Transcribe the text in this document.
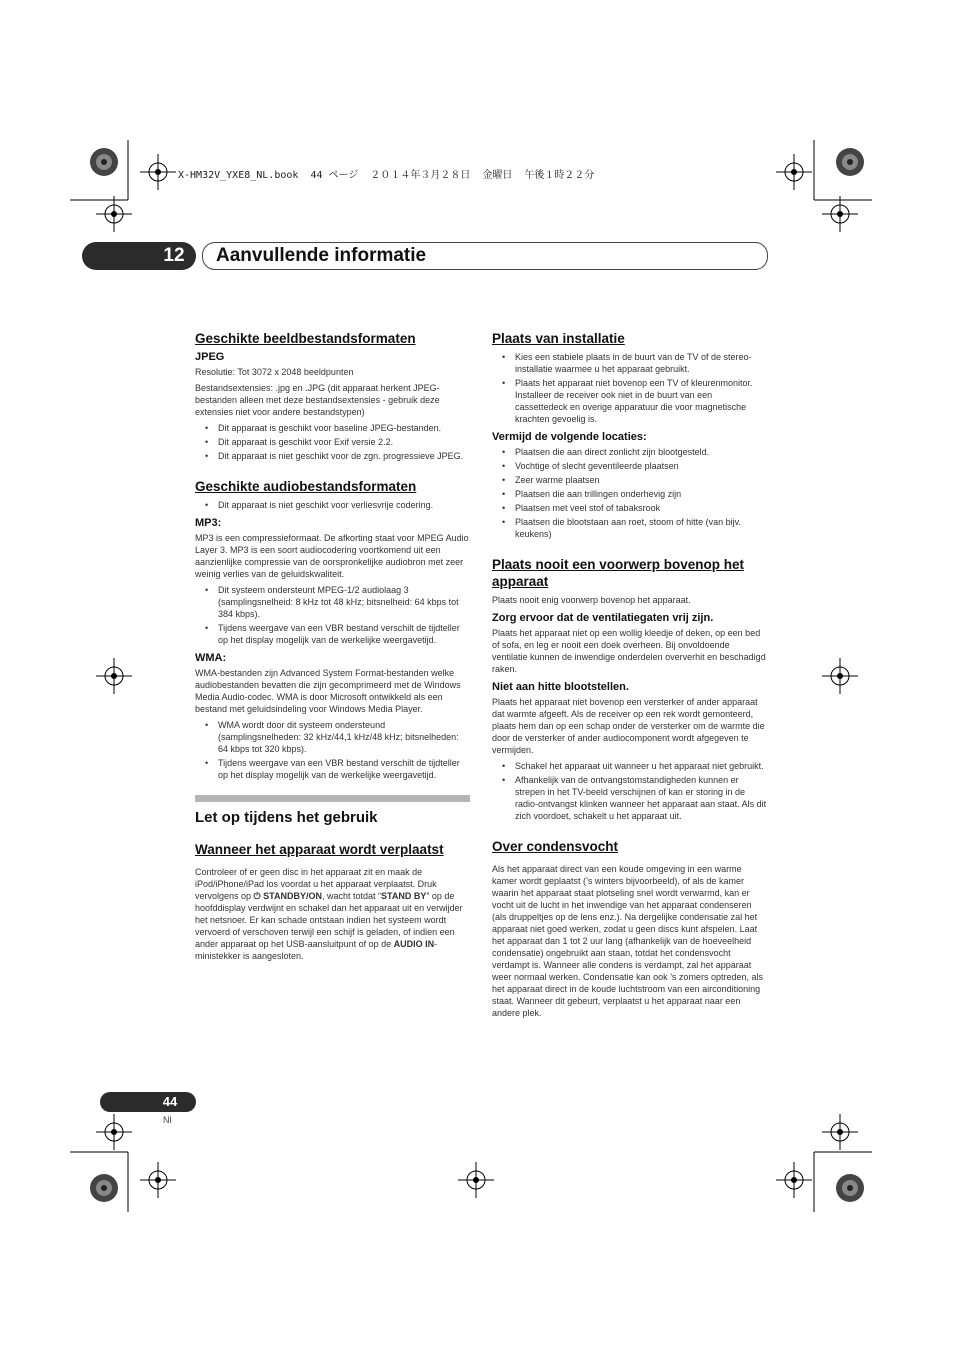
X-HM32V_YXE8_NL.book  44 ページ  ２０１４年３月２８日  金曜日  午後１時２２分
12	Aanvullende informatie
Geschikte beeldbestandsformaten
JPEG

Resolutie: Tot 3072 x 2048 beeldpunten

Bestandsextensies: .jpg en .JPG (dit apparaat herkent JPEG-bestanden alleen met deze bestandsextensies - gebruik deze extensies niet voor andere bestandstypen)

• Dit apparaat is geschikt voor baseline JPEG-bestanden.
• Dit apparaat is geschikt voor Exif versie 2.2.
• Dit apparaat is niet geschikt voor de zgn. progressieve JPEG.
Geschikte audiobestandsformaten
• Dit apparaat is niet geschikt voor verliesvrije codering.
MP3:

MP3 is een compressieformaat. De afkorting staat voor MPEG Audio Layer 3. MP3 is een soort audiocodering voortkomend uit een aanzienlijke compressie van de oorspronkelijke audiobron met zeer weinig verlies van de geluidskwaliteit.

• Dit systeem ondersteunt MPEG-1/2 audiolaag 3 (samplingsnelheid: 8 kHz tot 48 kHz; bitsnelheid: 64 kbps tot 384 kbps).
• Tijdens weergave van een VBR bestand verschilt de tijdteller op het display mogelijk van de werkelijke weergavetijd.
WMA:

WMA-bestanden zijn Advanced System Format-bestanden welke audiobestanden bevatten die zijn gecomprimeerd met de Windows Media Audio-codec. WMA is door Microsoft ontwikkeld als een bestand met geluidsindeling voor Windows Media Player.

• WMA wordt door dit systeem ondersteund (samplingsnelheden: 32 kHz/44,1 kHz/48 kHz; bitsnelheden: 64 kbps tot 320 kbps).
• Tijdens weergave van een VBR bestand verschilt de tijdteller op het display mogelijk van de werkelijke weergavetijd.
Let op tijdens het gebruik
Wanneer het apparaat wordt verplaatst

Controleer of er geen disc in het apparaat zit en maak de iPod/iPhone/iPad los voordat u het apparaat verplaatst. Druk vervolgens op ⏻ STANDBY/ON, wacht totdat “STAND BY” op de hoofddisplay verdwijnt en schakel dan het apparaat uit en verwijder het netsnoer. Er kan schade ontstaan indien het systeem wordt vervoerd of verschoven terwijl een schijf is geladen, of indien een ander apparaat op het USB-aansluitpunt of op de AUDIO IN-ministekker is aangesloten.

Plaats van installatie
• Kies een stabiele plaats in de buurt van de TV of de stereo-installatie waarmee u het apparaat gebruikt.
• Plaats het apparaat niet bovenop een TV of kleurenmonitor. Installeer de receiver ook niet in de buurt van een cassettedeck en overige apparatuur die voor magnetische krachten gevoelig is.
Vermijd de volgende locaties:
• Plaatsen die aan direct zonlicht zijn blootgesteld.
• Vochtige of slecht geventileerde plaatsen
• Zeer warme plaatsen
• Plaatsen die aan trillingen onderhevig zijn
• Plaatsen met veel stof of tabaksrook
• Plaatsen die blootstaan aan roet, stoom of hitte (van bijv. keukens)
Plaats nooit een voorwerp bovenop het apparaat

Plaats nooit enig voorwerp bovenop het apparaat.

Zorg ervoor dat de ventilatiegaten vrij zijn.

Plaats het apparaat niet op een wollig kleedje of deken, op een bed of sofa, en leg er nooit een doek overheen. Bij onvoldoende ventilatie kunnen de inwendige onderdelen oververhit en beschadigd raken.

Niet aan hitte blootstellen.

Plaats het apparaat niet bovenop een versterker of ander apparaat dat warmte afgeeft. Als de receiver op een rek wordt gemonteerd, plaats hem dan op een schap onder de versterker om de warmte die door de versterker of ander audiocomponent wordt afgegeven te vermijden.

• Schakel het apparaat uit wanneer u het apparaat niet gebruikt.
• Afhankelijk van de ontvangstomstandigheden kunnen er strepen in het TV-beeld verschijnen of kan er storing in de radio-ontvangst klinken wanneer het apparaat aan staat. Als dit zich voordoet, schakelt u het apparaat uit.
Over condensvocht

Als het apparaat direct van een koude omgeving in een warme kamer wordt geplaatst (’s winters bijvoorbeeld), of als de kamer waarin het apparaat staat plotseling snel wordt verwarmd, kan er vocht uit de lucht in het inwendige van het apparaat condenseren (als druppeltjes op de lens enz.). Na dergelijke condensatie zal het apparaat niet goed werken, zodat u geen discs kunt afspelen. Laat het apparaat dan 1 tot 2 uur lang (afhankelijk van de hoeveelheid condensatie) ongebruikt aan staan, totdat het condensvocht verdampt is. Wanneer alle condens is verdampt, zal het apparaat weer normaal werken. Condensatie kan ook ’s zomers optreden, als het apparaat direct in de koude luchtstroom van een airconditioning staat. Wanneer dit gebeurt, verplaatst u het apparaat naar een andere plek.

44
Nl
